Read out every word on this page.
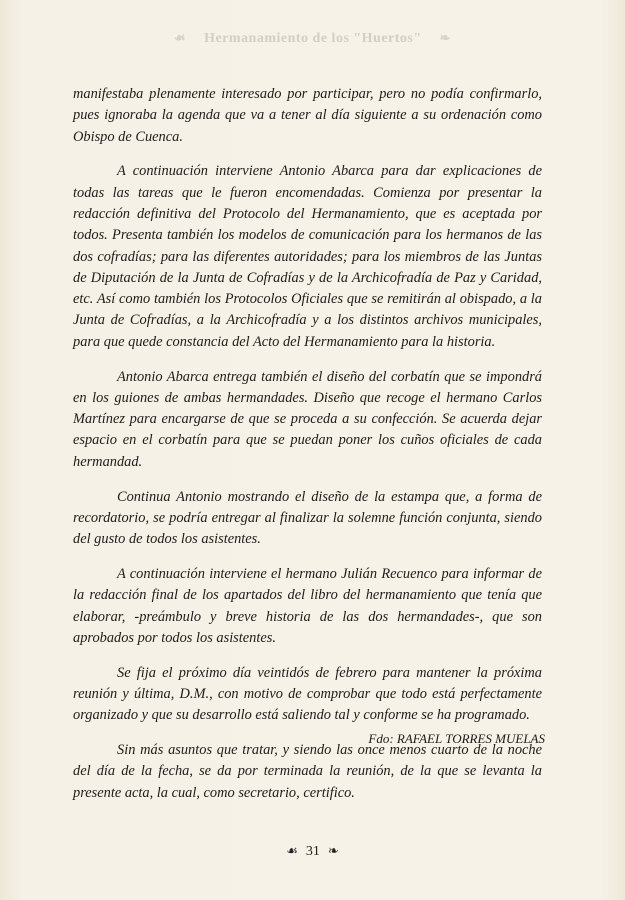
☙ Hermanamiento de los "Huertos" ❧

manifestaba plenamente interesado por participar, pero no podía confirmarlo, pues ignoraba la agenda que va a tener al día siguiente a su ordenación como Obispo de Cuenca.

A continuación interviene Antonio Abarca para dar explicaciones de todas las tareas que le fueron encomendadas. Comienza por presentar la redacción definitiva del Protocolo del Hermanamiento, que es aceptada por todos. Presenta también los modelos de comunicación para los hermanos de las dos cofradías; para las diferentes autoridades; para los miembros de las Juntas de Diputación de la Junta de Cofradías y de la Archicofradía de Paz y Caridad, etc. Así como también los Protocolos Oficiales que se remitirán al obispado, a la Junta de Cofradías, a la Archicofradía y a los distintos archivos municipales, para que quede constancia del Acto del Hermanamiento para la historia.

Antonio Abarca entrega también el diseño del corbatín que se impondrá en los guiones de ambas hermandades. Diseño que recoge el hermano Carlos Martínez para encargarse de que se proceda a su confección. Se acuerda dejar espacio en el corbatín para que se puedan poner los cuños oficiales de cada hermandad.

Continua Antonio mostrando el diseño de la estampa que, a forma de recordatorio, se podría entregar al finalizar la solemne función conjunta, siendo del gusto de todos los asistentes.

A continuación interviene el hermano Julián Recuenco para informar de la redacción final de los apartados del libro del hermanamiento que tenía que elaborar, -preámbulo y breve historia de las dos hermandades-, que son aprobados por todos los asistentes.

Se fija el próximo día veintidós de febrero para mantener la próxima reunión y última, D.M., con motivo de comprobar que todo está perfectamente organizado y que su desarrollo está saliendo tal y conforme se ha programado.

Sin más asuntos que tratar, y siendo las once menos cuarto de la noche del día de la fecha, se da por terminada la reunión, de la que se levanta la presente acta, la cual, como secretario, certifico.

Fdo: RAFAEL TORRES MUELAS
☙ 31 ❧
